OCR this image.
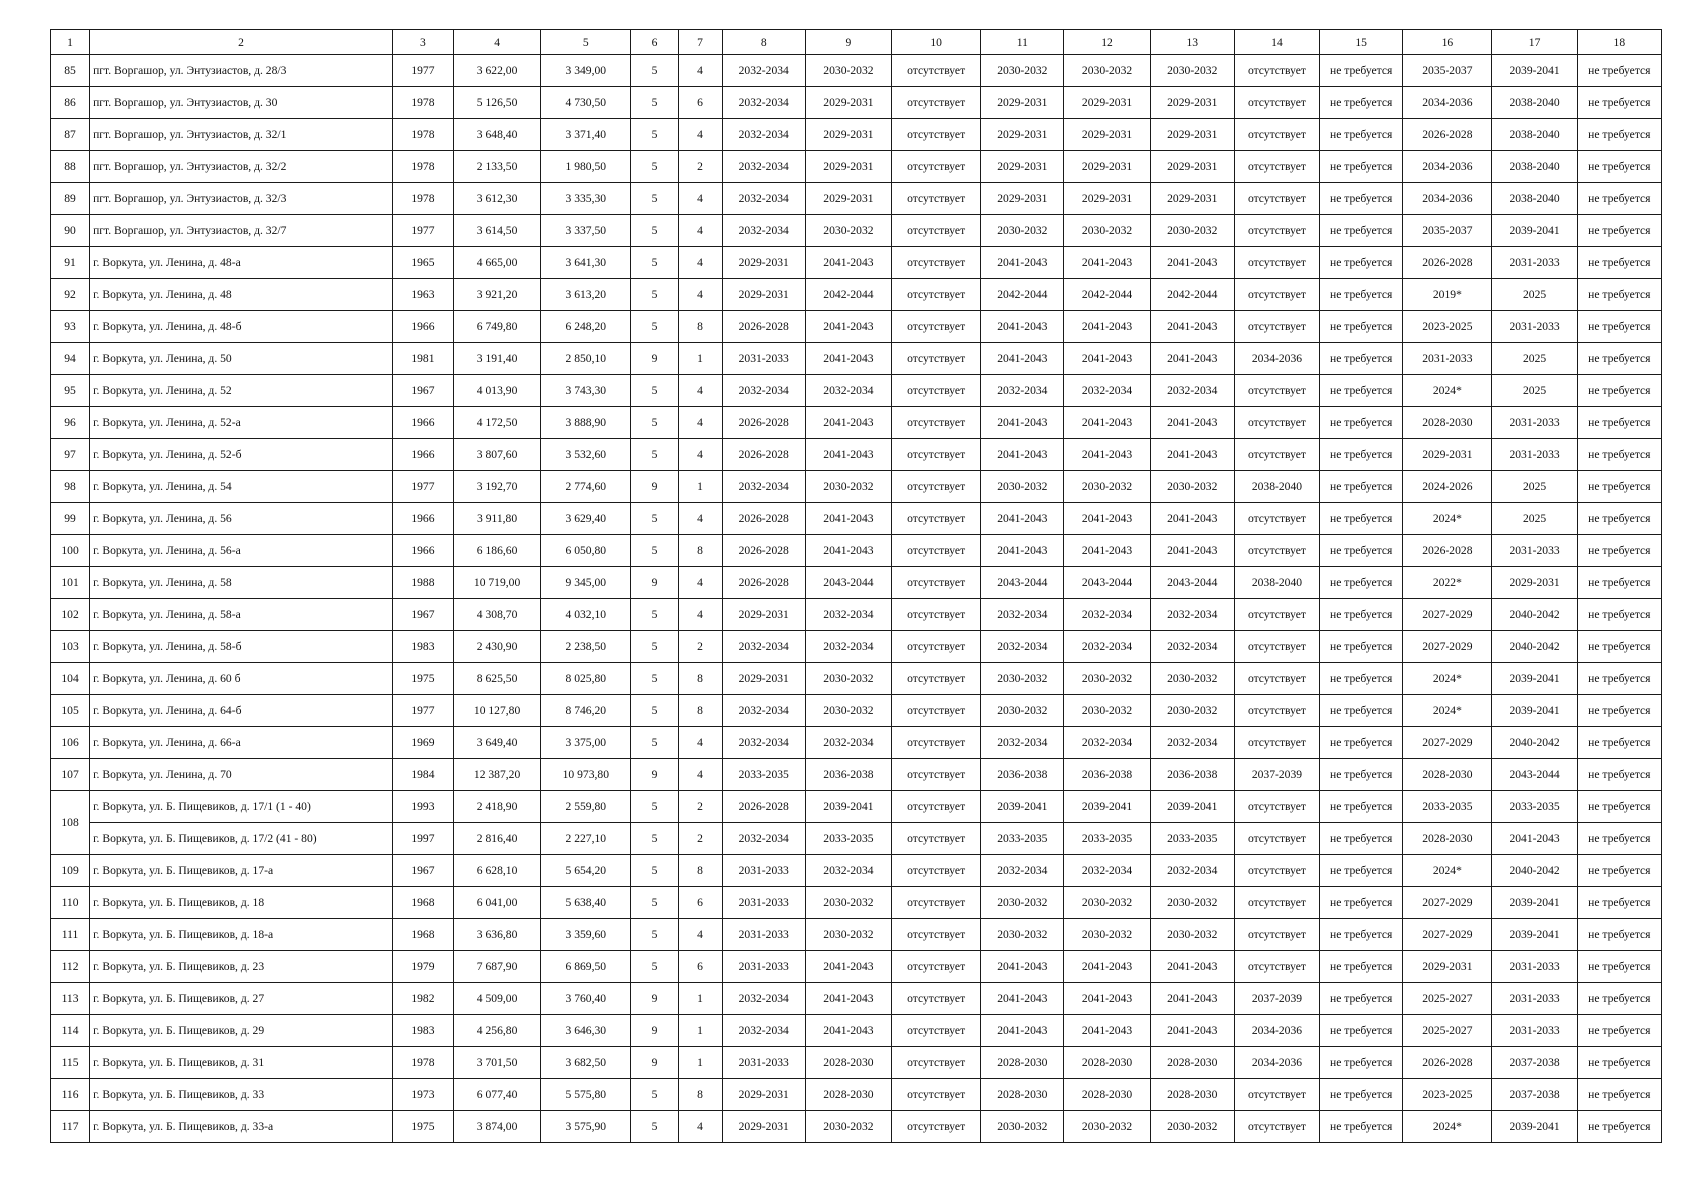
1	2	3	4	5	6	7	8	9	10	11	12	13	14	15	16	17	18
85	пгт. Воргашор, ул. Энтузиастов, д. 28/3	1977	3 622,00	3 349,00	5	4	2032-2034	2030-2032	отсутствует	2030-2032	2030-2032	2030-2032	отсутствует	не требуется	2035-2037	2039-2041	не требуется
86	пгт. Воргашор, ул. Энтузиастов, д. 30	1978	5 126,50	4 730,50	5	6	2032-2034	2029-2031	отсутствует	2029-2031	2029-2031	2029-2031	отсутствует	не требуется	2034-2036	2038-2040	не требуется
87	пгт. Воргашор, ул. Энтузиастов, д. 32/1	1978	3 648,40	3 371,40	5	4	2032-2034	2029-2031	отсутствует	2029-2031	2029-2031	2029-2031	отсутствует	не требуется	2026-2028	2038-2040	не требуется
88	пгт. Воргашор, ул. Энтузиастов, д. 32/2	1978	2 133,50	1 980,50	5	2	2032-2034	2029-2031	отсутствует	2029-2031	2029-2031	2029-2031	отсутствует	не требуется	2034-2036	2038-2040	не требуется
89	пгт. Воргашор, ул. Энтузиастов, д. 32/3	1978	3 612,30	3 335,30	5	4	2032-2034	2029-2031	отсутствует	2029-2031	2029-2031	2029-2031	отсутствует	не требуется	2034-2036	2038-2040	не требуется
90	пгт. Воргашор, ул. Энтузиастов, д. 32/7	1977	3 614,50	3 337,50	5	4	2032-2034	2030-2032	отсутствует	2030-2032	2030-2032	2030-2032	отсутствует	не требуется	2035-2037	2039-2041	не требуется
91	г. Воркута, ул. Ленина, д. 48-а	1965	4 665,00	3 641,30	5	4	2029-2031	2041-2043	отсутствует	2041-2043	2041-2043	2041-2043	отсутствует	не требуется	2026-2028	2031-2033	не требуется
92	г. Воркута, ул. Ленина, д. 48	1963	3 921,20	3 613,20	5	4	2029-2031	2042-2044	отсутствует	2042-2044	2042-2044	2042-2044	отсутствует	не требуется	2019*	2025	не требуется
93	г. Воркута, ул. Ленина, д. 48-б	1966	6 749,80	6 248,20	5	8	2026-2028	2041-2043	отсутствует	2041-2043	2041-2043	2041-2043	отсутствует	не требуется	2023-2025	2031-2033	не требуется
94	г. Воркута, ул. Ленина, д. 50	1981	3 191,40	2 850,10	9	1	2031-2033	2041-2043	отсутствует	2041-2043	2041-2043	2041-2043	2034-2036	не требуется	2031-2033	2025	не требуется
95	г. Воркута, ул. Ленина, д. 52	1967	4 013,90	3 743,30	5	4	2032-2034	2032-2034	отсутствует	2032-2034	2032-2034	2032-2034	отсутствует	не требуется	2024*	2025	не требуется
96	г. Воркута, ул. Ленина, д. 52-а	1966	4 172,50	3 888,90	5	4	2026-2028	2041-2043	отсутствует	2041-2043	2041-2043	2041-2043	отсутствует	не требуется	2028-2030	2031-2033	не требуется
97	г. Воркута, ул. Ленина, д. 52-б	1966	3 807,60	3 532,60	5	4	2026-2028	2041-2043	отсутствует	2041-2043	2041-2043	2041-2043	отсутствует	не требуется	2029-2031	2031-2033	не требуется
98	г. Воркута, ул. Ленина, д. 54	1977	3 192,70	2 774,60	9	1	2032-2034	2030-2032	отсутствует	2030-2032	2030-2032	2030-2032	2038-2040	не требуется	2024-2026	2025	не требуется
99	г. Воркута, ул. Ленина, д. 56	1966	3 911,80	3 629,40	5	4	2026-2028	2041-2043	отсутствует	2041-2043	2041-2043	2041-2043	отсутствует	не требуется	2024*	2025	не требуется
100	г. Воркута, ул. Ленина, д. 56-а	1966	6 186,60	6 050,80	5	8	2026-2028	2041-2043	отсутствует	2041-2043	2041-2043	2041-2043	отсутствует	не требуется	2026-2028	2031-2033	не требуется
101	г. Воркута, ул. Ленина, д. 58	1988	10 719,00	9 345,00	9	4	2026-2028	2043-2044	отсутствует	2043-2044	2043-2044	2043-2044	2038-2040	не требуется	2022*	2029-2031	не требуется
102	г. Воркута, ул. Ленина, д. 58-а	1967	4 308,70	4 032,10	5	4	2029-2031	2032-2034	отсутствует	2032-2034	2032-2034	2032-2034	отсутствует	не требуется	2027-2029	2040-2042	не требуется
103	г. Воркута, ул. Ленина, д. 58-б	1983	2 430,90	2 238,50	5	2	2032-2034	2032-2034	отсутствует	2032-2034	2032-2034	2032-2034	отсутствует	не требуется	2027-2029	2040-2042	не требуется
104	г. Воркута, ул. Ленина, д. 60 б	1975	8 625,50	8 025,80	5	8	2029-2031	2030-2032	отсутствует	2030-2032	2030-2032	2030-2032	отсутствует	не требуется	2024*	2039-2041	не требуется
105	г. Воркута, ул. Ленина, д. 64-б	1977	10 127,80	8 746,20	5	8	2032-2034	2030-2032	отсутствует	2030-2032	2030-2032	2030-2032	отсутствует	не требуется	2024*	2039-2041	не требуется
106	г. Воркута, ул. Ленина, д. 66-а	1969	3 649,40	3 375,00	5	4	2032-2034	2032-2034	отсутствует	2032-2034	2032-2034	2032-2034	отсутствует	не требуется	2027-2029	2040-2042	не требуется
107	г. Воркута, ул. Ленина, д. 70	1984	12 387,20	10 973,80	9	4	2033-2035	2036-2038	отсутствует	2036-2038	2036-2038	2036-2038	2037-2039	не требуется	2028-2030	2043-2044	не требуется
108	г. Воркута, ул. Б. Пищевиков, д. 17/1 (1 - 40)	1993	2 418,90	2 559,80	5	2	2026-2028	2039-2041	отсутствует	2039-2041	2039-2041	2039-2041	отсутствует	не требуется	2033-2035	2033-2035	не требуется
	г. Воркута, ул. Б. Пищевиков, д. 17/2 (41 - 80)	1997	2 816,40	2 227,10	5	2	2032-2034	2033-2035	отсутствует	2033-2035	2033-2035	2033-2035	отсутствует	не требуется	2028-2030	2041-2043	не требуется
109	г. Воркута, ул. Б. Пищевиков, д. 17-а	1967	6 628,10	5 654,20	5	8	2031-2033	2032-2034	отсутствует	2032-2034	2032-2034	2032-2034	отсутствует	не требуется	2024*	2040-2042	не требуется
110	г. Воркута, ул. Б. Пищевиков, д. 18	1968	6 041,00	5 638,40	5	6	2031-2033	2030-2032	отсутствует	2030-2032	2030-2032	2030-2032	отсутствует	не требуется	2027-2029	2039-2041	не требуется
111	г. Воркута, ул. Б. Пищевиков, д. 18-а	1968	3 636,80	3 359,60	5	4	2031-2033	2030-2032	отсутствует	2030-2032	2030-2032	2030-2032	отсутствует	не требуется	2027-2029	2039-2041	не требуется
112	г. Воркута, ул. Б. Пищевиков, д. 23	1979	7 687,90	6 869,50	5	6	2031-2033	2041-2043	отсутствует	2041-2043	2041-2043	2041-2043	отсутствует	не требуется	2029-2031	2031-2033	не требуется
113	г. Воркута, ул. Б. Пищевиков, д. 27	1982	4 509,00	3 760,40	9	1	2032-2034	2041-2043	отсутствует	2041-2043	2041-2043	2041-2043	2037-2039	не требуется	2025-2027	2031-2033	не требуется
114	г. Воркута, ул. Б. Пищевиков, д. 29	1983	4 256,80	3 646,30	9	1	2032-2034	2041-2043	отсутствует	2041-2043	2041-2043	2041-2043	2034-2036	не требуется	2025-2027	2031-2033	не требуется
115	г. Воркута, ул. Б. Пищевиков, д. 31	1978	3 701,50	3 682,50	9	1	2031-2033	2028-2030	отсутствует	2028-2030	2028-2030	2028-2030	2034-2036	не требуется	2026-2028	2037-2038	не требуется
116	г. Воркута, ул. Б. Пищевиков, д. 33	1973	6 077,40	5 575,80	5	8	2029-2031	2028-2030	отсутствует	2028-2030	2028-2030	2028-2030	отсутствует	не требуется	2023-2025	2037-2038	не требуется
117	г. Воркута, ул. Б. Пищевиков, д. 33-а	1975	3 874,00	3 575,90	5	4	2029-2031	2030-2032	отсутствует	2030-2032	2030-2032	2030-2032	отсутствует	не требуется	2024*	2039-2041	не требуется
